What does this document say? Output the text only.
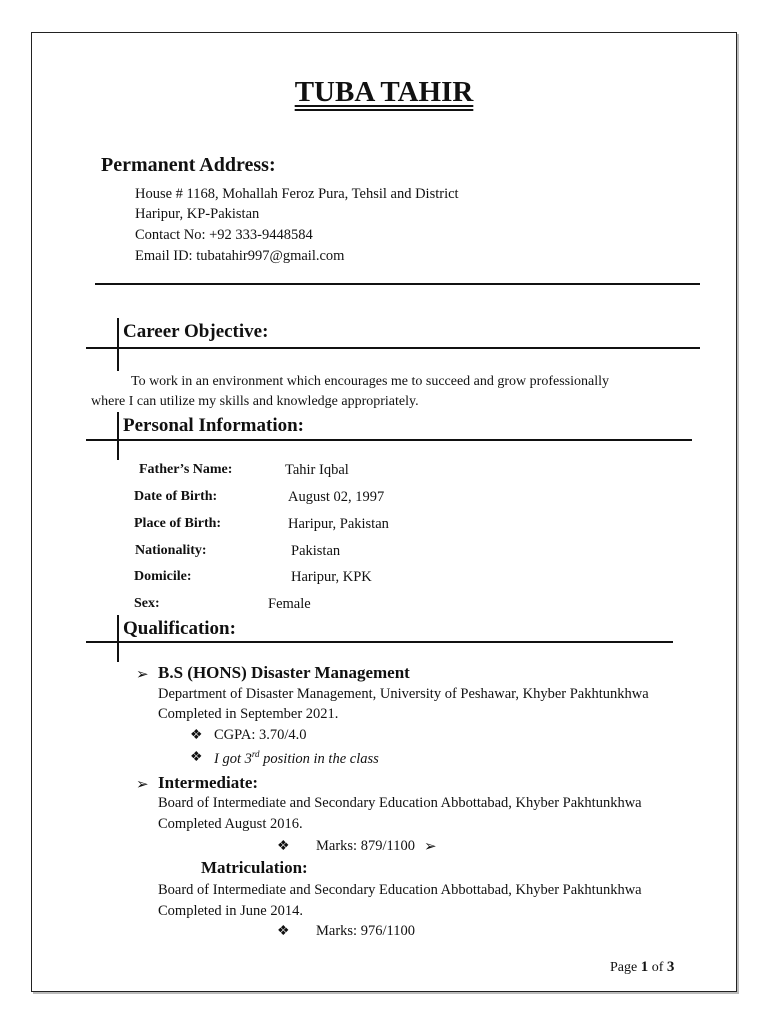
TUBA TAHIR
Permanent Address:
House # 1168, Mohallah Feroz Pura, Tehsil and District
Haripur, KP-Pakistan
Contact No: +92 333-9448584
Email ID: tubatahir997@gmail.com
Career Objective:
To work in an environment which encourages me to succeed and grow professionally
where I can utilize my skills and knowledge appropriately.
Personal Information:
Father’s Name:	Tahir Iqbal
Date of Birth:	August 02, 1997
Place of Birth:	Haripur, Pakistan
Nationality:	Pakistan
Domicile:	Haripur, KPK
Sex:	Female
Qualification:
➢ B.S (HONS) Disaster Management
Department of Disaster Management, University of Peshawar, Khyber Pakhtunkhwa
Completed in September 2021.
❖ CGPA: 3.70/4.0
❖ I got 3rd position in the class
➢ Intermediate:
Board of Intermediate and Secondary Education Abbottabad, Khyber Pakhtunkhwa
Completed August 2016.
❖ Marks: 879/1100 ➢
Matriculation:
Board of Intermediate and Secondary Education Abbottabad, Khyber Pakhtunkhwa
Completed in June 2014.
❖ Marks: 976/1100
Page 1 of 3
